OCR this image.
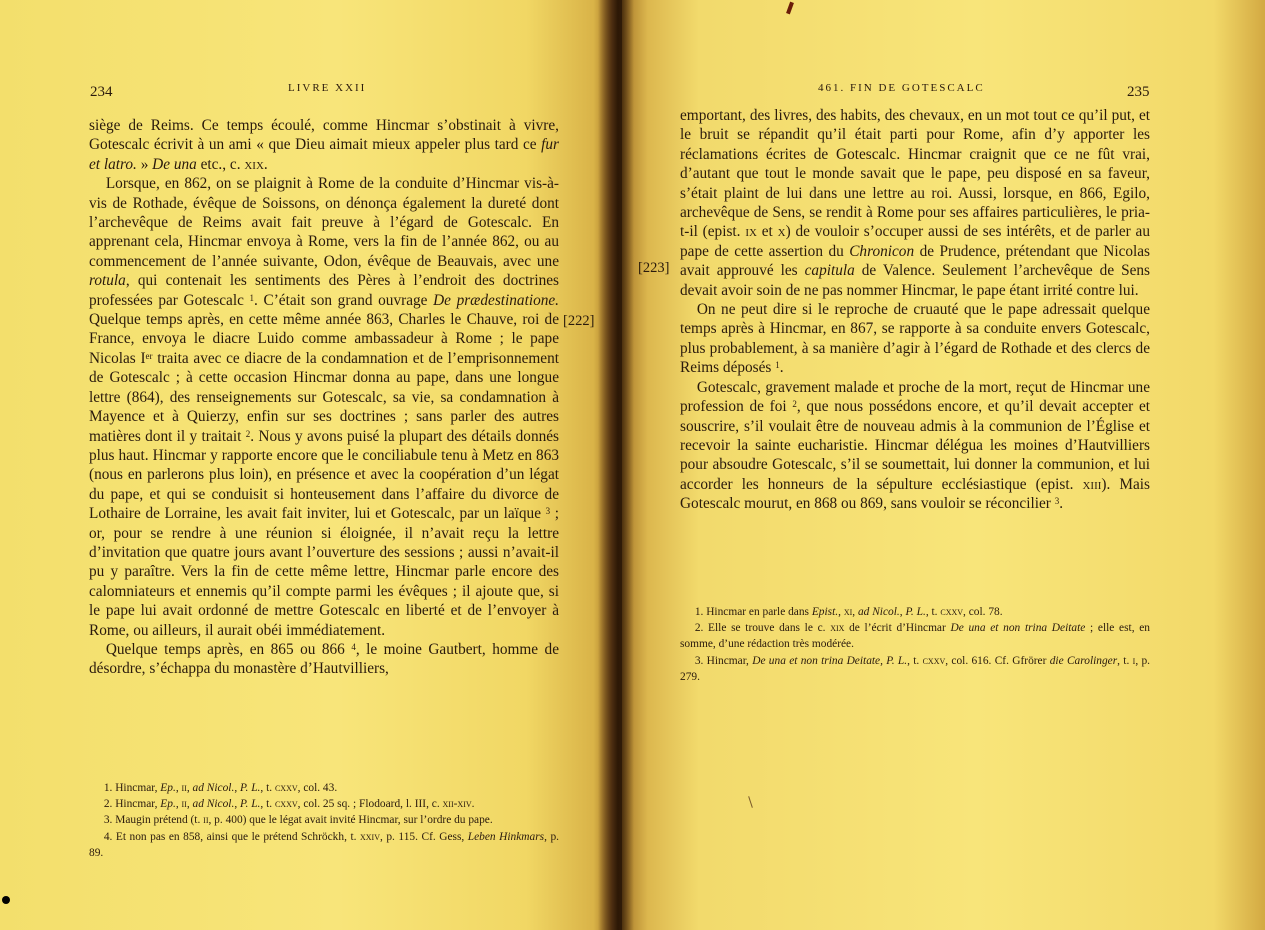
234	LIVRE XXII

siège de Reims. Ce temps écoulé, comme Hincmar s’obstinait à vivre, Gotescalc écrivit à un ami « que Dieu aimait mieux appeler plus tard ce fur et latro. » De una etc., c. xix.

Lorsque, en 862, on se plaignit à Rome de la conduite d’Hincmar vis-à-vis de Rothade, évêque de Soissons, on dénonça également la dureté dont l’archevêque de Reims avait fait preuve à l’égard de Gotescalc. En apprenant cela, Hincmar envoya à Rome, vers la fin de l’année 862, ou au commencement de l’année suivante, Odon, évêque de Beauvais, avec une rotula, qui contenait les sentiments des Pères à l’endroit des doctrines professées par Gotescalc $^1$. C’était son grand ouvrage De prædestinatione. Quelque temps après, en cette même année 863, Charles le Chauve, roi de France, envoya le diacre Luido comme ambassadeur à Rome ; le pape Nicolas Ier traita avec ce diacre de la condamnation et de l’emprisonnement de Gotescalc ; à cette occasion Hincmar donna au pape, dans une longue lettre (864), des renseignements sur Gotescalc, sa vie, sa condamnation à Mayence et à Quierzy, enfin sur ses doctrines ; sans parler des autres matières dont il y traitait $^2$. Nous y avons puisé la plupart des détails donnés plus haut. Hincmar y rapporte encore que le conciliabule tenu à Metz en 863 (nous en parlerons plus loin), en présence et avec la coopération d’un légat du pape, et qui se conduisit si honteusement dans l’affaire du divorce de Lothaire de Lorraine, les avait fait inviter, lui et Gotescalc, par un laïque $^3$ ; or, pour se rendre à une réunion si éloignée, il n’avait reçu la lettre d’invitation que quatre jours avant l’ouverture des sessions ; aussi n’avait-il pu y paraître. Vers la fin de cette même lettre, Hincmar parle encore des calomniateurs et ennemis qu’il compte parmi les évêques ; il ajoute que, si le pape lui avait ordonné de mettre Gotescalc en liberté et de l’envoyer à Rome, ou ailleurs, il aurait obéi immédiatement.

Quelque temps après, en 865 ou 866 $^4$, le moine Gautbert, homme de désordre, s’échappa du monastère d’Hautvilliers,

1. Hincmar, Ep., ii, ad Nicol., P. L., t. cxxv, col. 43.

2. Hincmar, Ep., ii, ad Nicol., P. L., t. cxxv, col. 25 sq. ; Flodoard, l. III, c. xii-xiv.

3. Maugin prétend (t. ii, p. 400) que le légat avait invité Hincmar, sur l’ordre du pape.

4. Et non pas en 858, ainsi que le prétend Schröckh, t. xxiv, p. 115. Cf. Gess, Leben Hinkmars, p. 89.

461. FIN DE GOTESCALC	235

emportant, des livres, des habits, des chevaux, en un mot tout ce qu’il put, et le bruit se répandit qu’il était parti pour Rome, afin d’y apporter les réclamations écrites de Gotescalc. Hincmar craignit que ce ne fût vrai, d’autant que tout le monde savait que le pape, peu disposé en sa faveur, s’était plaint de lui dans une lettre au roi. Aussi, lorsque, en 866, Egilo, archevêque de Sens, se rendit à Rome pour ses affaires particulières, le pria-t-il (epist. ix et x) de vouloir s’occuper aussi de ses intérêts, et de parler au pape de cette assertion du Chronicon de Prudence, prétendant que Nicolas avait approuvé les capitula de Valence. Seulement l’archevêque de Sens devait avoir soin de ne pas nommer Hincmar, le pape étant irrité contre lui.

On ne peut dire si le reproche de cruauté que le pape adressait quelque temps après à Hincmar, en 867, se rapporte à sa conduite envers Gotescalc, plus probablement, à sa manière d’agir à l’égard de Rothade et des clercs de Reims déposés $^1$.

Gotescalc, gravement malade et proche de la mort, reçut de Hincmar une profession de foi $^2$, que nous possédons encore, et qu’il devait accepter et souscrire, s’il voulait être de nouveau admis à la communion de l’Église et recevoir la sainte eucharistie. Hincmar délégua les moines d’Hautvilliers pour absoudre Gotescalc, s’il se soumettait, lui donner la communion, et lui accorder les honneurs de la sépulture ecclésiastique (epist. xiii). Mais Gotescalc mourut, en 868 ou 869, sans vouloir se réconcilier $^3$.

1. Hincmar en parle dans Epist., xi, ad Nicol., P. L., t. cxxv, col. 78.

2. Elle se trouve dans le c. xix de l’écrit d’Hincmar De una et non trina Deitate ; elle est, en somme, d’une rédaction très modérée.

3. Hincmar, De una et non trina Deitate, P. L., t. cxxv, col. 616. Cf. Gfrörer die Carolinger, t. i, p. 279.

[222]
[223]
